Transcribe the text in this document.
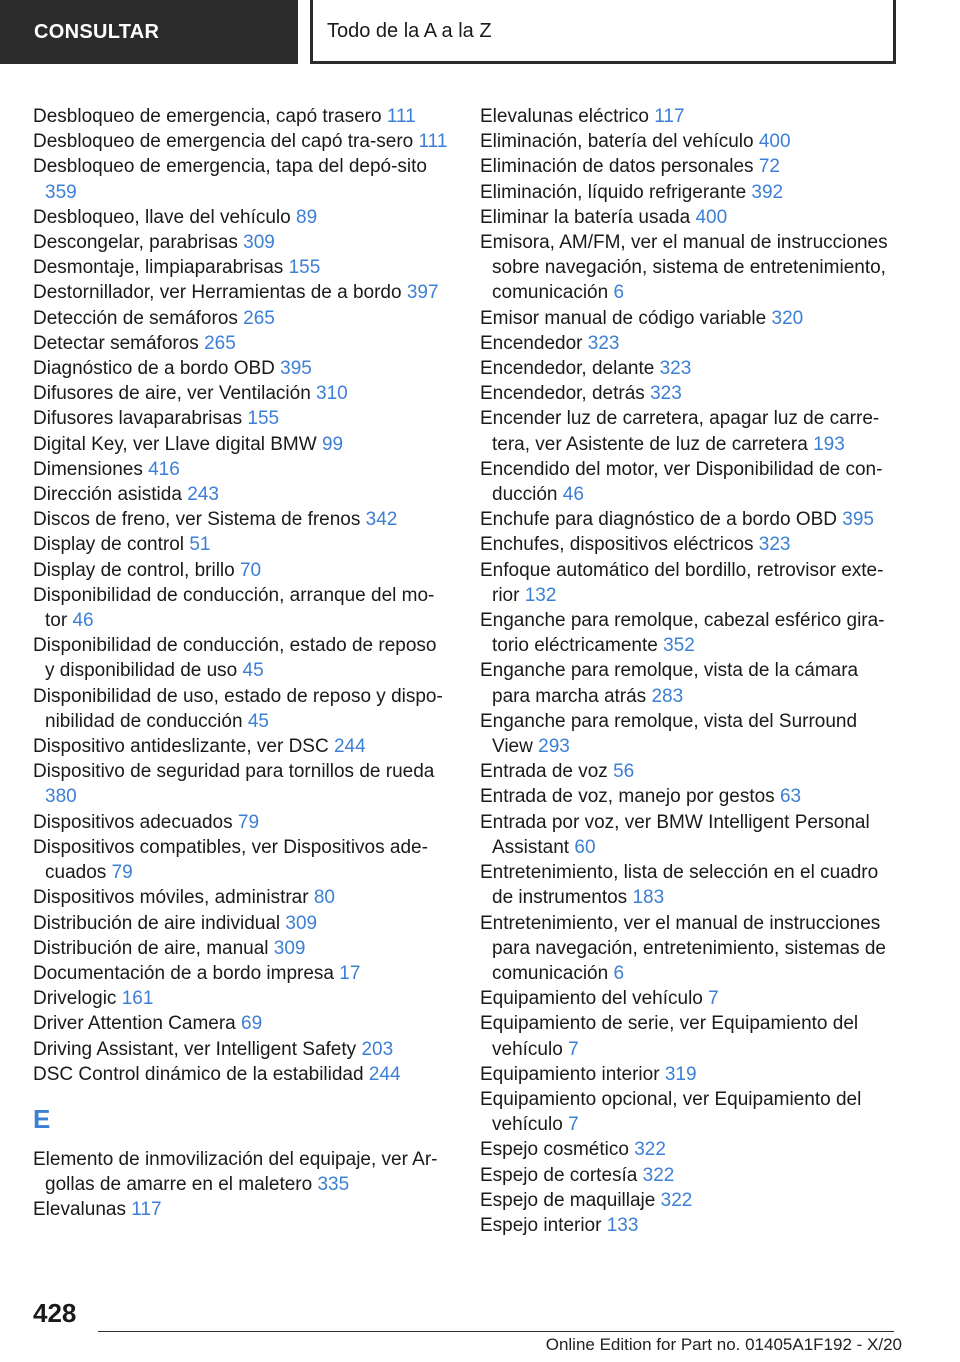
CONSULTAR	Todo de la A a la Z
Desbloqueo de emergencia, capó trasero 111
Desbloqueo de emergencia del capó tra-sero 111
Desbloqueo de emergencia, tapa del depó-sito 359
Desbloqueo, llave del vehículo 89
Descongelar, parabrisas 309
Desmontaje, limpiaparabrisas 155
Destornillador, ver Herramientas de a bordo 397
Detección de semáforos 265
Detectar semáforos 265
Diagnóstico de a bordo OBD 395
Difusores de aire, ver Ventilación 310
Difusores lavaparabrisas 155
Digital Key, ver Llave digital BMW 99
Dimensiones 416
Dirección asistida 243
Discos de freno, ver Sistema de frenos 342
Display de control 51
Display de control, brillo 70
Disponibilidad de conducción, arranque del mo-tor 46
Disponibilidad de conducción, estado de reposo y disponibilidad de uso 45
Disponibilidad de uso, estado de reposo y dispo-nibilidad de conducción 45
Dispositivo antideslizante, ver DSC 244
Dispositivo de seguridad para tornillos de rueda 380
Dispositivos adecuados 79
Dispositivos compatibles, ver Dispositivos ade-cuados 79
Dispositivos móviles, administrar 80
Distribución de aire individual 309
Distribución de aire, manual 309
Documentación de a bordo impresa 17
Drivelogic 161
Driver Attention Camera 69
Driving Assistant, ver Intelligent Safety 203
DSC Control dinámico de la estabilidad 244
E
Elemento de inmovilización del equipaje, ver Ar-gollas de amarre en el maletero 335
Elevalunas 117
Elevalunas eléctrico 117
Eliminación, batería del vehículo 400
Eliminación de datos personales 72
Eliminación, líquido refrigerante 392
Eliminar la batería usada 400
Emisora, AM/FM, ver el manual de instrucciones sobre navegación, sistema de entretenimiento, comunicación 6
Emisor manual de código variable 320
Encendedor 323
Encendedor, delante 323
Encendedor, detrás 323
Encender luz de carretera, apagar luz de carre-tera, ver Asistente de luz de carretera 193
Encendido del motor, ver Disponibilidad de con-ducción 46
Enchufe para diagnóstico de a bordo OBD 395
Enchufes, dispositivos eléctricos 323
Enfoque automático del bordillo, retrovisor exte-rior 132
Enganche para remolque, cabezal esférico gira-torio eléctricamente 352
Enganche para remolque, vista de la cámara para marcha atrás 283
Enganche para remolque, vista del Surround View 293
Entrada de voz 56
Entrada de voz, manejo por gestos 63
Entrada por voz, ver BMW Intelligent Personal Assistant 60
Entretenimiento, lista de selección en el cuadro de instrumentos 183
Entretenimiento, ver el manual de instrucciones para navegación, entretenimiento, sistemas de comunicación 6
Equipamiento del vehículo 7
Equipamiento de serie, ver Equipamiento del vehículo 7
Equipamiento interior 319
Equipamiento opcional, ver Equipamiento del vehículo 7
Espejo cosmético 322
Espejo de cortesía 322
Espejo de maquillaje 322
Espejo interior 133
428
Online Edition for Part no. 01405A1F192 - X/20
